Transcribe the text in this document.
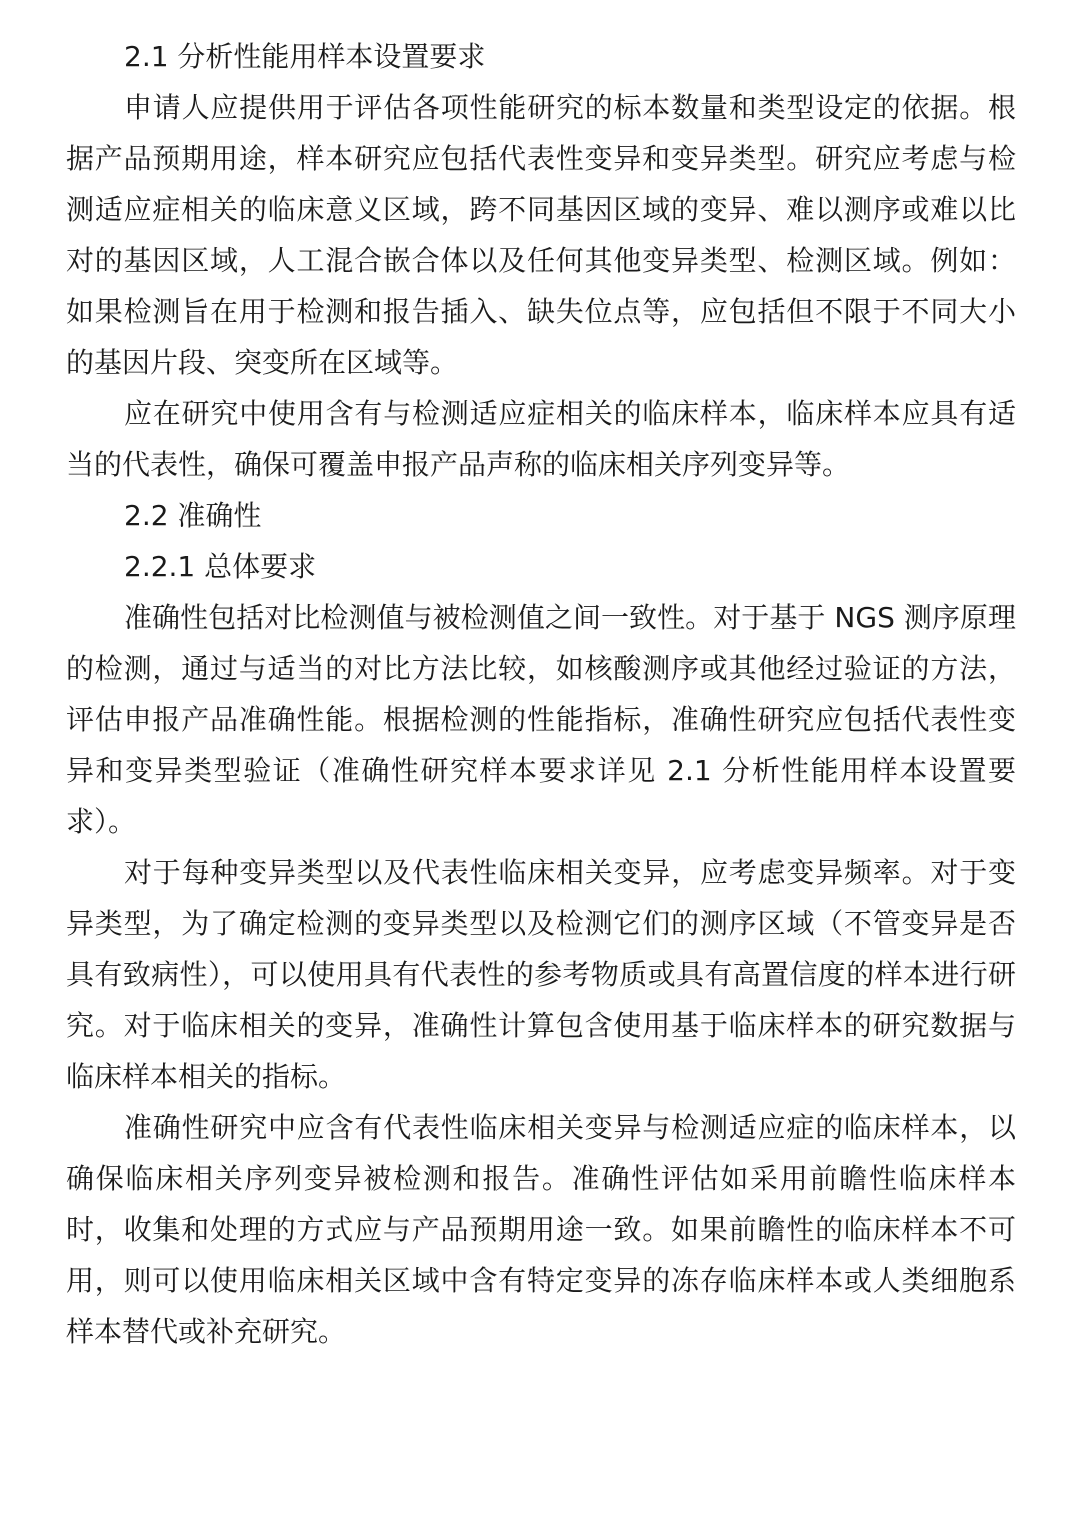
2.1 分析性能用样本设置要求

申请人应提供用于评估各项性能研究的标本数量和类型设定的依据。根据产品预期用途，样本研究应包括代表性变异和变异类型。研究应考虑与检测适应症相关的临床意义区域，跨不同基因区域的变异、难以测序或难以比对的基因区域，人工混合嵌合体以及任何其他变异类型、检测区域。例如：如果检测旨在用于检测和报告插入、缺失位点等，应包括但不限于不同大小的基因片段、突变所在区域等。

应在研究中使用含有与检测适应症相关的临床样本，临床样本应具有适当的代表性，确保可覆盖申报产品声称的临床相关序列变异等。

2.2 准确性

2.2.1 总体要求

准确性包括对比检测值与被检测值之间一致性。对于基于 NGS 测序原理的检测，通过与适当的对比方法比较，如核酸测序或其他经过验证的方法，评估申报产品准确性能。根据检测的性能指标，准确性研究应包括代表性变异和变异类型验证（准确性研究样本要求详见 2.1 分析性能用样本设置要求）。

对于每种变异类型以及代表性临床相关变异，应考虑变异频率。对于变异类型，为了确定检测的变异类型以及检测它们的测序区域（不管变异是否具有致病性），可以使用具有代表性的参考物质或具有高置信度的样本进行研究。对于临床相关的变异，准确性计算包含使用基于临床样本的研究数据与临床样本相关的指标。

准确性研究中应含有代表性临床相关变异与检测适应症的临床样本，以确保临床相关序列变异被检测和报告。准确性评估如采用前瞻性临床样本时，收集和处理的方式应与产品预期用途一致。如果前瞻性的临床样本不可用，则可以使用临床相关区域中含有特定变异的冻存临床样本或人类细胞系样本替代或补充研究。
